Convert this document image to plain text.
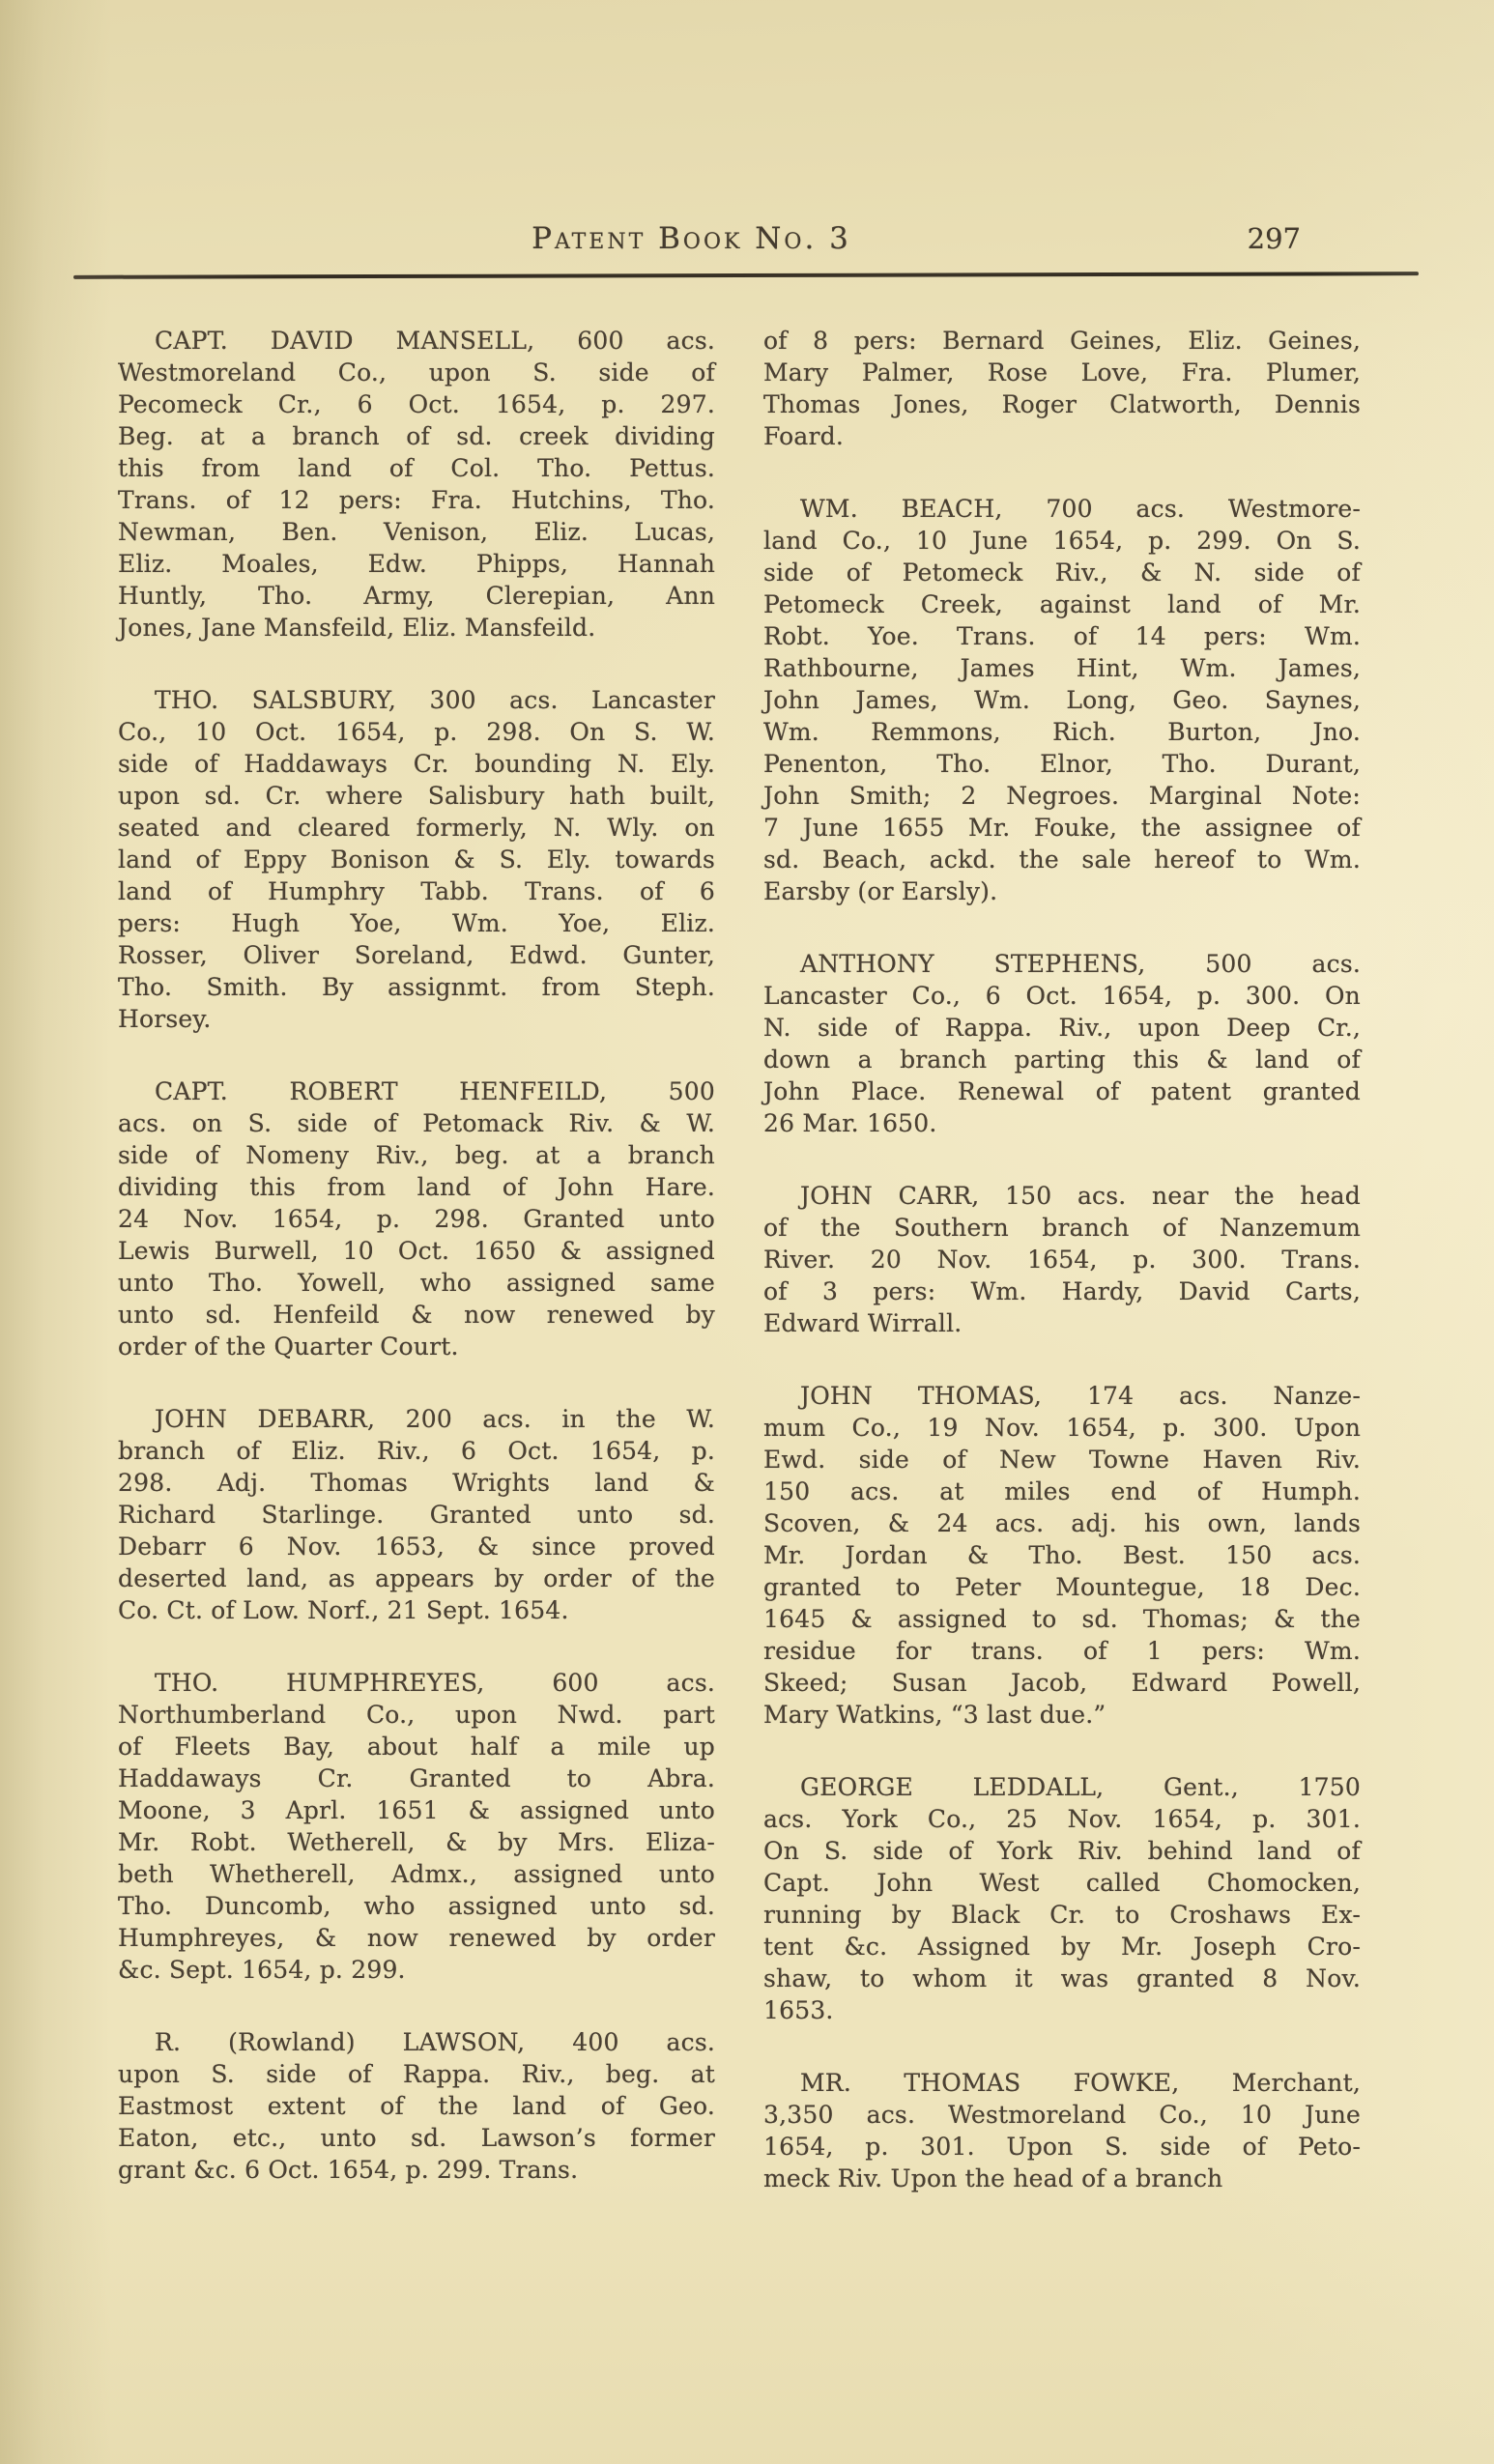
Patent Book No. 3	297
CAPT. DAVID MANSELL, 600 acs.
Westmoreland Co., upon S. side of
Pecomeck Cr., 6 Oct. 1654, p. 297.
Beg. at a branch of sd. creek dividing
this from land of Col. Tho. Pettus.
Trans. of 12 pers: Fra. Hutchins, Tho.
Newman, Ben. Venison, Eliz. Lucas,
Eliz. Moales, Edw. Phipps, Hannah
Huntly, Tho. Army, Clerepian, Ann
Jones, Jane Mansfeild, Eliz. Mansfeild.
THO. SALSBURY, 300 acs. Lancaster
Co., 10 Oct. 1654, p. 298. On S. W.
side of Haddaways Cr. bounding N. Ely.
upon sd. Cr. where Salisbury hath built,
seated and cleared formerly, N. Wly. on
land of Eppy Bonison & S. Ely. towards
land of Humphry Tabb. Trans. of 6
pers: Hugh Yoe, Wm. Yoe, Eliz.
Rosser, Oliver Soreland, Edwd. Gunter,
Tho. Smith. By assignmt. from Steph.
Horsey.
CAPT. ROBERT HENFEILD, 500
acs. on S. side of Petomack Riv. & W.
side of Nomeny Riv., beg. at a branch
dividing this from land of John Hare.
24 Nov. 1654, p. 298. Granted unto
Lewis Burwell, 10 Oct. 1650 & assigned
unto Tho. Yowell, who assigned same
unto sd. Henfeild & now renewed by
order of the Quarter Court.
JOHN DEBARR, 200 acs. in the W.
branch of Eliz. Riv., 6 Oct. 1654, p.
298. Adj. Thomas Wrights land &
Richard Starlinge. Granted unto sd.
Debarr 6 Nov. 1653, & since proved
deserted land, as appears by order of the
Co. Ct. of Low. Norf., 21 Sept. 1654.
THO. HUMPHREYES, 600 acs.
Northumberland Co., upon Nwd. part
of Fleets Bay, about half a mile up
Haddaways Cr. Granted to Abra.
Moone, 3 Aprl. 1651 & assigned unto
Mr. Robt. Wetherell, & by Mrs. Eliza-
beth Whetherell, Admx., assigned unto
Tho. Duncomb, who assigned unto sd.
Humphreyes, & now renewed by order
&c. Sept. 1654, p. 299.
R. (Rowland) LAWSON, 400 acs.
upon S. side of Rappa. Riv., beg. at
Eastmost extent of the land of Geo.
Eaton, etc., unto sd. Lawson’s former
grant &c. 6 Oct. 1654, p. 299. Trans.
of 8 pers: Bernard Geines, Eliz. Geines,
Mary Palmer, Rose Love, Fra. Plumer,
Thomas Jones, Roger Clatworth, Dennis
Foard.
WM. BEACH, 700 acs. Westmore-
land Co., 10 June 1654, p. 299. On S.
side of Petomeck Riv., & N. side of
Petomeck Creek, against land of Mr.
Robt. Yoe. Trans. of 14 pers: Wm.
Rathbourne, James Hint, Wm. James,
John James, Wm. Long, Geo. Saynes,
Wm. Remmons, Rich. Burton, Jno.
Penenton, Tho. Elnor, Tho. Durant,
John Smith; 2 Negroes. Marginal Note:
7 June 1655 Mr. Fouke, the assignee of
sd. Beach, ackd. the sale hereof to Wm.
Earsby (or Earsly).
ANTHONY STEPHENS, 500 acs.
Lancaster Co., 6 Oct. 1654, p. 300. On
N. side of Rappa. Riv., upon Deep Cr.,
down a branch parting this & land of
John Place. Renewal of patent granted
26 Mar. 1650.
JOHN CARR, 150 acs. near the head
of the Southern branch of Nanzemum
River. 20 Nov. 1654, p. 300. Trans.
of 3 pers: Wm. Hardy, David Carts,
Edward Wirrall.
JOHN THOMAS, 174 acs. Nanze-
mum Co., 19 Nov. 1654, p. 300. Upon
Ewd. side of New Towne Haven Riv.
150 acs. at miles end of Humph.
Scoven, & 24 acs. adj. his own, lands
Mr. Jordan & Tho. Best. 150 acs.
granted to Peter Mountegue, 18 Dec.
1645 & assigned to sd. Thomas; & the
residue for trans. of 1 pers: Wm.
Skeed; Susan Jacob, Edward Powell,
Mary Watkins, “3 last due.”
GEORGE LEDDALL, Gent., 1750
acs. York Co., 25 Nov. 1654, p. 301.
On S. side of York Riv. behind land of
Capt. John West called Chomocken,
running by Black Cr. to Croshaws Ex-
tent &c. Assigned by Mr. Joseph Cro-
shaw, to whom it was granted 8 Nov.
1653.
MR. THOMAS FOWKE, Merchant,
3,350 acs. Westmoreland Co., 10 June
1654, p. 301. Upon S. side of Peto-
meck Riv. Upon the head of a branch
